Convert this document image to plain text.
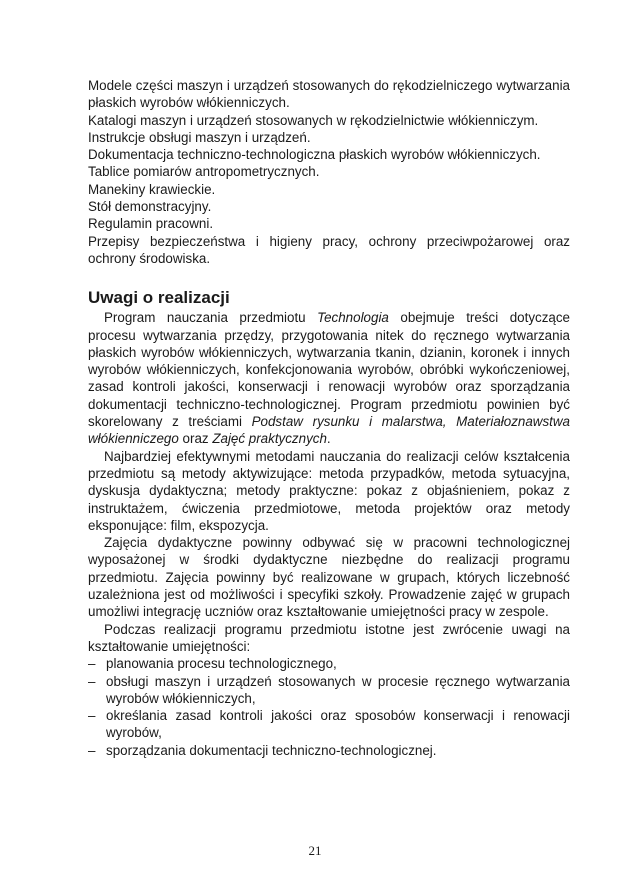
Modele części maszyn i urządzeń stosowanych do rękodzielniczego wytwarzania płaskich wyrobów włókienniczych.

Katalogi maszyn i urządzeń stosowanych w rękodzielnictwie włókienniczym.

Instrukcje obsługi maszyn i urządzeń.

Dokumentacja techniczno-technologiczna płaskich wyrobów włókienniczych.

Tablice pomiarów antropometrycznych.

Manekiny krawieckie.

Stół demonstracyjny.

Regulamin pracowni.

Przepisy bezpieczeństwa i higieny pracy, ochrony przeciwpożarowej oraz ochrony środowiska.

Uwagi o realizacji

Program nauczania przedmiotu Technologia obejmuje treści dotyczące procesu wytwarzania przędzy, przygotowania nitek do ręcznego wytwarzania płaskich wyrobów włókienniczych, wytwarzania tkanin, dzianin, koronek i innych wyrobów włókienniczych, konfekcjonowania wyrobów, obróbki wykończeniowej, zasad kontroli jakości, konserwacji i renowacji wyrobów oraz sporządzania dokumentacji techniczno-technologicznej. Program przedmiotu powinien być skorelowany z treściami Podstaw rysunku i malarstwa, Materiałoznawstwa włókienniczego oraz Zajęć praktycznych.

Najbardziej efektywnymi metodami nauczania do realizacji celów kształcenia przedmiotu są metody aktywizujące: metoda przypadków, metoda sytuacyjna, dyskusja dydaktyczna; metody praktyczne: pokaz z objaśnieniem, pokaz z instruktażem, ćwiczenia przedmiotowe, metoda projektów oraz metody eksponujące: film, ekspozycja.

Zajęcia dydaktyczne powinny odbywać się w pracowni technologicznej wyposażonej w środki dydaktyczne niezbędne do realizacji programu przedmiotu. Zajęcia powinny być realizowane w grupach, których liczebność uzależniona jest od możliwości i specyfiki szkoły. Prowadzenie zajęć w grupach umożliwi integrację uczniów oraz kształtowanie umiejętności pracy w zespole.

Podczas realizacji programu przedmiotu istotne jest zwrócenie uwagi na kształtowanie umiejętności:

– planowania procesu technologicznego,
– obsługi maszyn i urządzeń stosowanych w procesie ręcznego wytwarzania wyrobów włókienniczych,
– określania zasad kontroli jakości oraz sposobów konserwacji i renowacji wyrobów,
– sporządzania dokumentacji techniczno-technologicznej.
21
